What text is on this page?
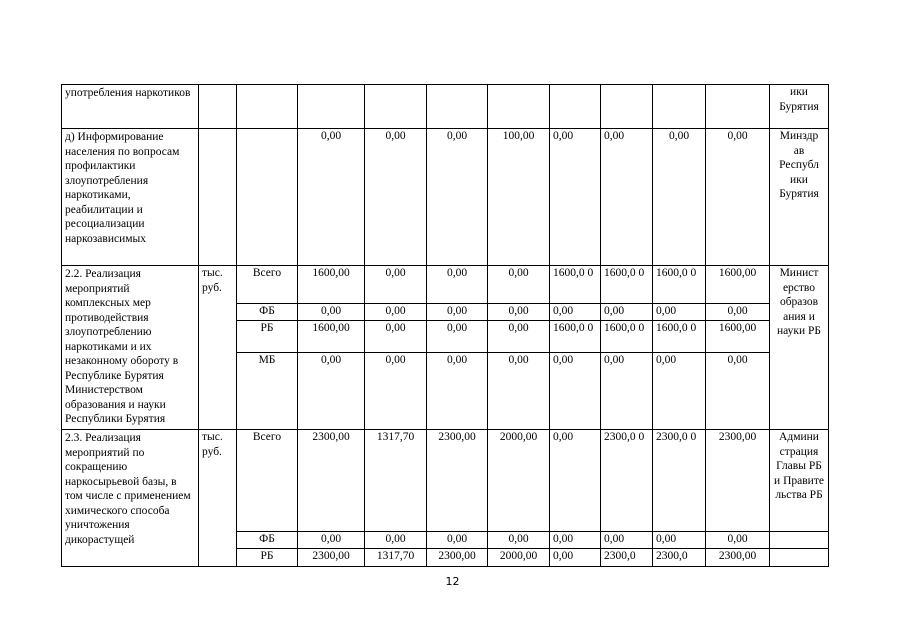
употребления наркотиков											ики Бурятия
д) Информирование населения по вопросам профилактики злоупотребления наркотиками, реабилитации и ресоциализации наркозависимых			0,00	0,00	0,00	100,00	0,00	0,00	0,00	0,00	Минздр ав Республ ики Бурятия
2.2. Реализация мероприятий комплексных мер противодействия злоупотреблению наркотиками и их незаконному обороту в Республике Бурятия Министерством образования и науки Республики Бурятия	тыс. руб.	Всего	1600,00	0,00	0,00	0,00	1600,0 0	1600,0 0	1600,0 0	1600,00	Минист ерство образов ания и науки РБ
		ФБ	0,00	0,00	0,00	0,00	0,00	0,00	0,00	0,00	
		РБ	1600,00	0,00	0,00	0,00	1600,0 0	1600,0 0	1600,0 0	1600,00	
		МБ	0,00	0,00	0,00	0,00	0,00	0,00	0,00	0,00	
2.3. Реализация мероприятий по сокращению наркосырьевой базы, в том числе с применением химического способа уничтожения дикорастущей	тыс. руб.	Всего	2300,00	1317,70	2300,00	2000,00	0,00	2300,0 0	2300,0 0	2300,00	Админи страция Главы РБ и Правите льства РБ
		ФБ	0,00	0,00	0,00	0,00	0,00	0,00	0,00	0,00	
		РБ	2300,00	1317,70	2300,00	2000,00	0,00	2300,0	2300,0	2300,00	
12
